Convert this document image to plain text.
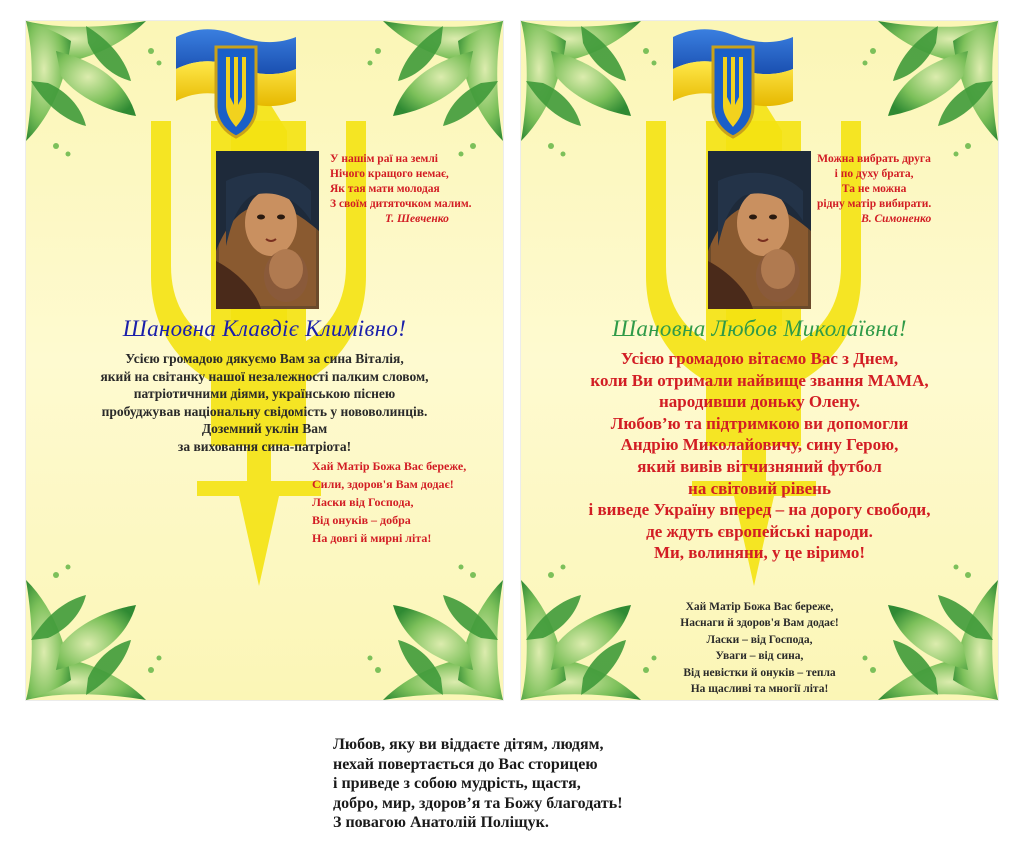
У нашім раї на землі
Нічого кращого немає,
Як тая мати молодая
З своїм дитяточком малим.
Т. Шевченко
Шановна Клавдіє Климівно!
Усією громадою дякуємо Вам за сина Віталія,
який на світанку нашої незалежності палким словом,
патріотичними діями, українською піснею
пробуджував національну свідомість у нововолинців.
Доземний уклін Вам
за виховання сина-патріота!
Хай Матір Божа Вас береже,
Сили, здоров'я Вам додає!
Ласки від Господа,
Від онуків – добра
На довгі й мирні літа!
Можна вибрать друга
і по духу брата,
Та не можна
рідну матір вибирати.
В. Симоненко
Шановна Любов Миколаївна!
Усією громадою вітаємо Вас з Днем,
коли Ви отримали найвище звання МАМА,
народивши доньку Олену.
Любов’ю та підтримкою ви допомогли
Андрію Миколайовичу, сину Герою,
який вивів вітчизняний футбол
на світовий рівень
і виведе Україну вперед – на дорогу свободи,
де ждуть європейські народи.
Ми, волиняни, у це віримо!
Хай Матір Божа Вас береже,
Наснаги й здоров'я Вам додає!
Ласки – від Господа,
Уваги – від сина,
Від невістки й онуків – тепла
На щасливі та многії літа!
Любов, яку ви віддаєте дітям, людям,
нехай повертається до Вас сторицею
і приведе з собою мудрість, щастя,
добро, мир, здоров’я та Божу благодать!
З повагою Анатолій Поліщук.
